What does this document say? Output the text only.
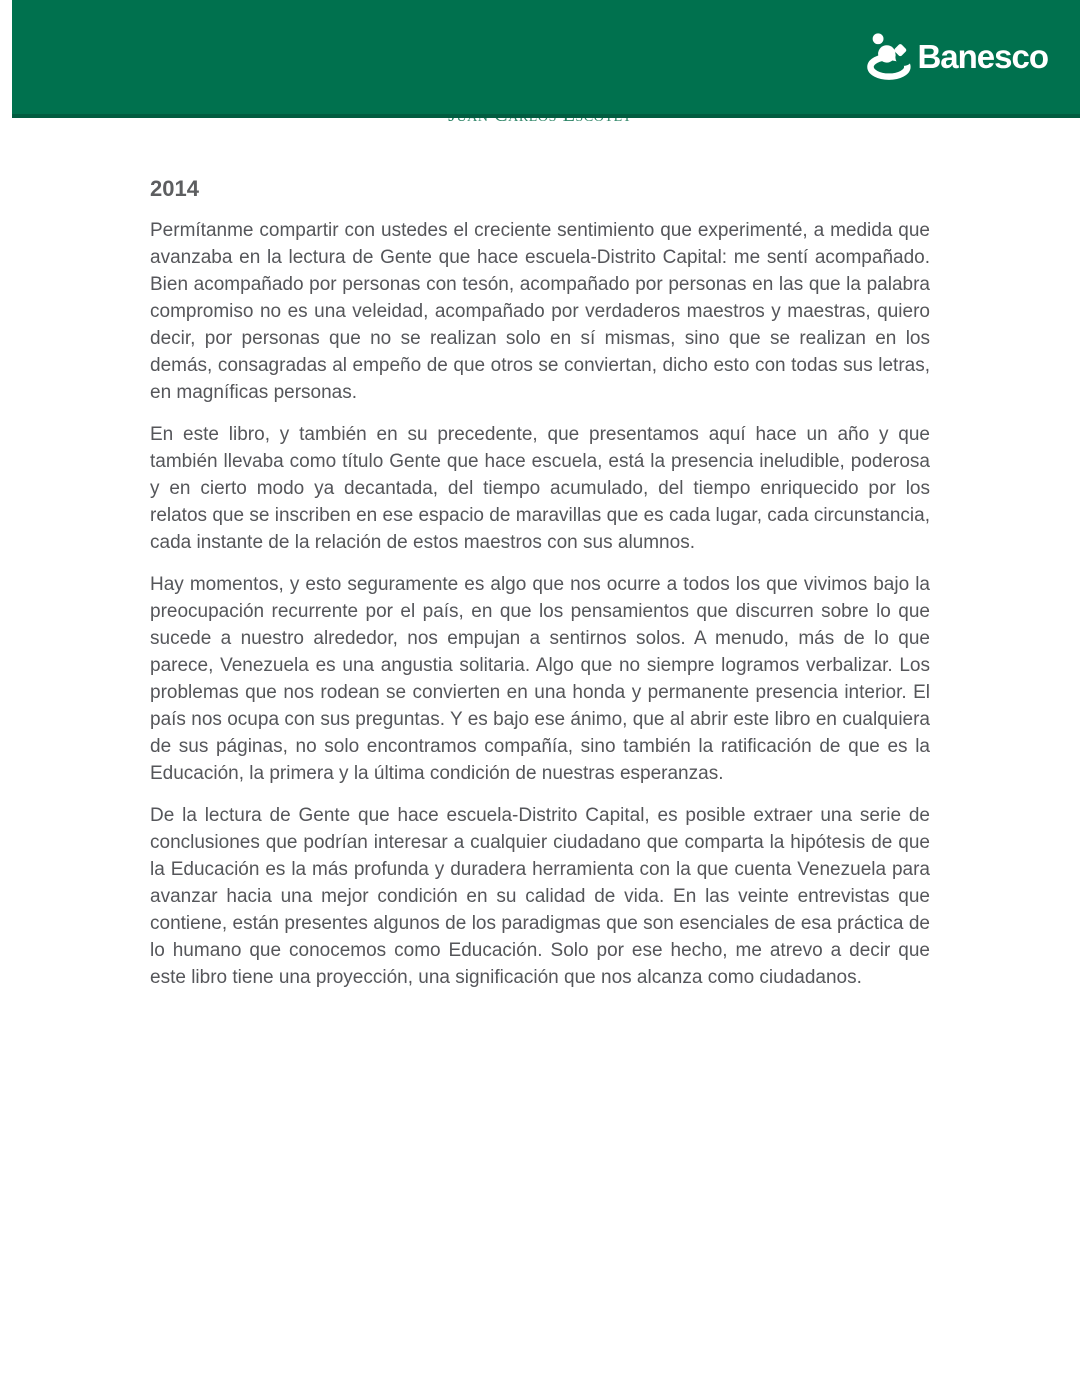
Banesco
2014

Permítanme compartir con ustedes el creciente sentimiento que experimenté, a medida que avanzaba en la lectura de Gente que hace escuela-Distrito Capital: me sentí acompañado. Bien acompañado por personas con tesón, acompañado por personas en las que la palabra compromiso no es una veleidad, acompañado por verdaderos maestros y maestras, quiero decir, por personas que no se realizan solo en sí mismas, sino que se realizan en los demás, consagradas al empeño de que otros se conviertan, dicho esto con todas sus letras, en magníficas personas.

En este libro, y también en su precedente, que presentamos aquí hace un año y que también llevaba como título Gente que hace escuela, está la presencia ineludible, poderosa y en cierto modo ya decantada, del tiempo acumulado, del tiempo enriquecido por los relatos que se inscriben en ese espacio de maravillas que es cada lugar, cada circunstancia, cada instante de la relación de estos maestros con sus alumnos.

Hay momentos, y esto seguramente es algo que nos ocurre a todos los que vivimos bajo la preocupación recurrente por el país, en que los pensamientos que discurren sobre lo que sucede a nuestro alrededor, nos empujan a sentirnos solos. A menudo, más de lo que parece, Venezuela es una angustia solitaria. Algo que no siempre logramos verbalizar. Los problemas que nos rodean se convierten en una honda y permanente presencia interior. El país nos ocupa con sus preguntas. Y es bajo ese ánimo, que al abrir este libro en cualquiera de sus páginas, no solo encontramos compañía, sino también la ratificación de que es la Educación, la primera y la última condición de nuestras esperanzas.

De la lectura de Gente que hace escuela-Distrito Capital, es posible extraer una serie de conclusiones que podrían interesar a cualquier ciudadano que comparta la hipótesis de que la Educación es la más profunda y duradera herramienta con la que cuenta Venezuela para avanzar hacia una mejor condición en su calidad de vida. En las veinte entrevistas que contiene, están presentes algunos de los paradigmas que son esenciales de esa práctica de lo humano que conocemos como Educación. Solo por ese hecho, me atrevo a decir que este libro tiene una proyección, una significación que nos alcanza como ciudadanos.
